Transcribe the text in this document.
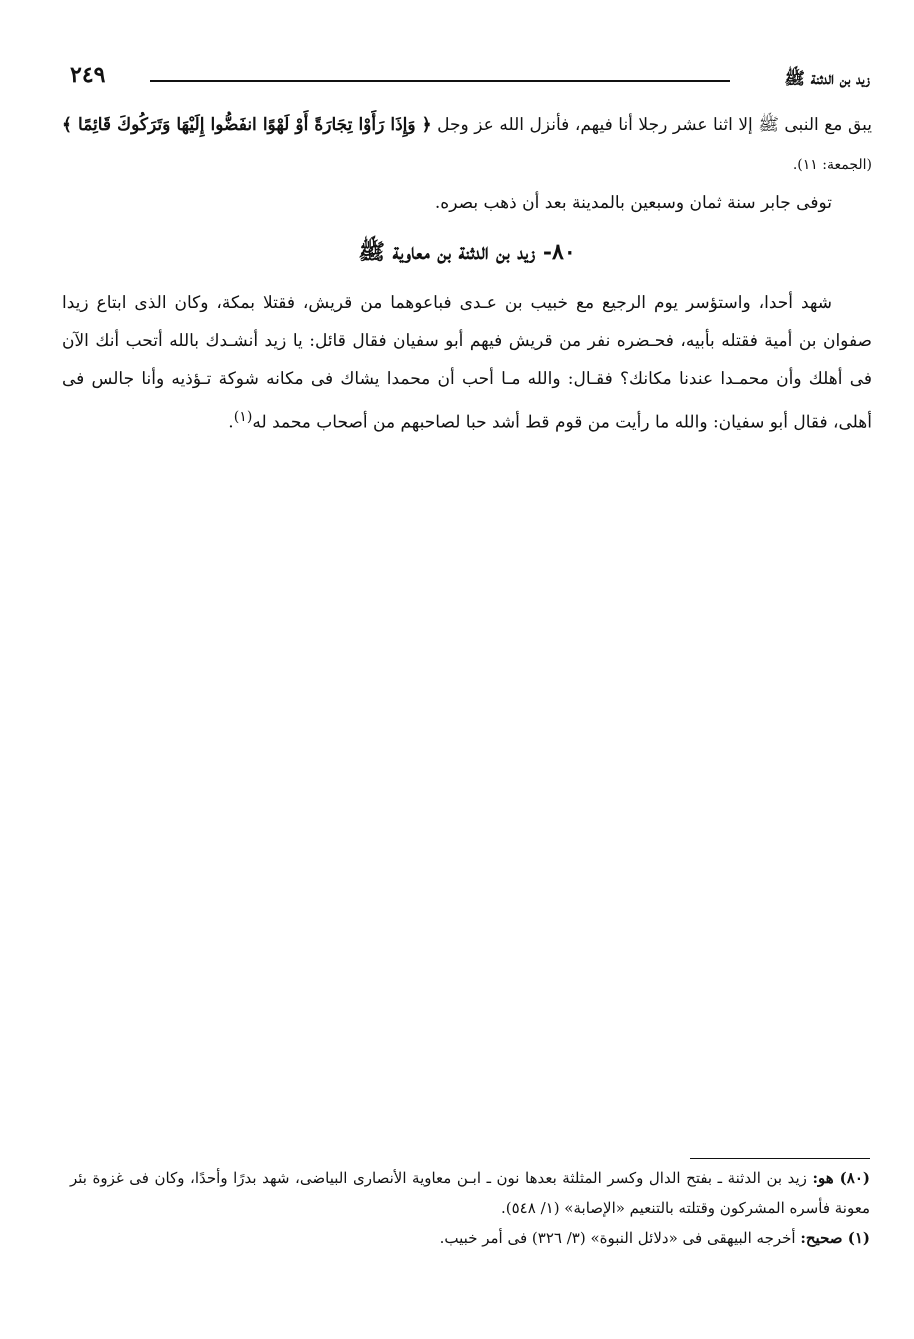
زيد بن الدثنة ﷺ
٢٤٩

يبق مع النبى ﷺ إلا اثنا عشر رجلا أنا فيهم، فأنزل الله عز وجل ﴿ وَإِذَا رَأَوْا تِجَارَةً أَوْ لَهْوًا انفَضُّوا إِلَيْهَا وَتَرَكُوكَ قَائِمًا ﴾ (الجمعة: ١١).

توفى جابر سنة ثمان وسبعين بالمدينة بعد أن ذهب بصره.

٨٠- زيد بن الدثنة بن معاوية ﷺ

شهد أحدا، واستؤسر يوم الرجيع مع خبيب بن عـدى فباعوهما من قريش، فقتلا بمكة، وكان الذى ابتاع زيدا صفوان بن أمية فقتله بأبيه، فحـضره نفر من قريش فيهم أبو سفيان فقال قائل: يا زيد أنشـدك بالله أتحب أنك الآن فى أهلك وأن محمـدا عندنا مكانك؟ فقـال: والله مـا أحب أن محمدا يشاك فى مكانه شوكة تـؤذيه وأنا جالس فى أهلى، فقال أبو سفيان: والله ما رأيت من قوم قط أشد حبا لصاحبهم من أصحاب محمد له$^{(١)}$.

(٨٠) هو: زيد بن الدثنة ـ بفتح الدال وكسر المثلثة بعدها نون ـ ابـن معاوية الأنصارى البياضى، شهد بدرًا وأحدًا، وكان فى غزوة بئر معونة فأسره المشركون وقتلته بالتنعيم «الإصابة» (١/ ٥٤٨).

(١) صحيح: أخرجه البيهقى فى «دلائل النبوة» (٣/ ٣٢٦) فى أمر خبيب.
